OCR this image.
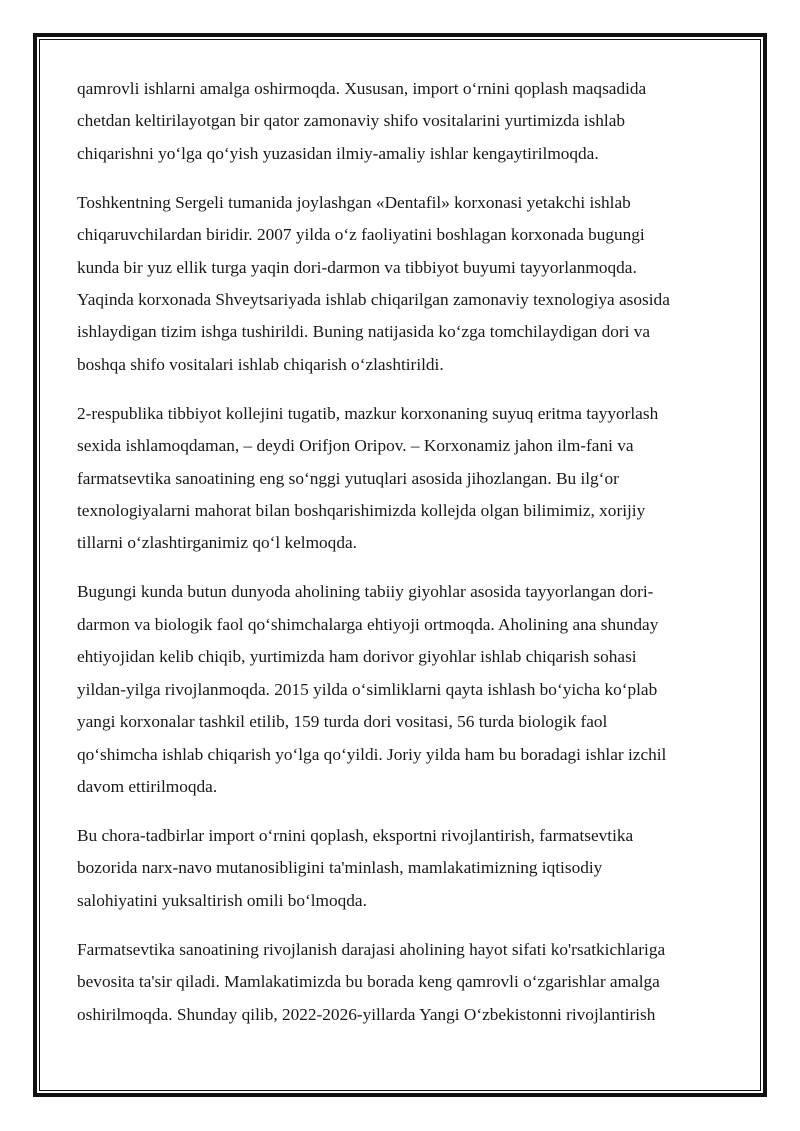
qamrovli ishlarni amalga oshirmoqda. Xususan, import o‘rnini qoplash maqsadida
chetdan keltirilayotgan bir qator zamonaviy shifo vositalarini yurtimizda ishlab
chiqarishni yo‘lga qo‘yish yuzasidan ilmiy-amaliy ishlar kengaytirilmoqda.

Toshkentning Sergeli tumanida joylashgan «Dentafil» korxonasi yetakchi ishlab
chiqaruvchilardan biridir. 2007 yilda o‘z faoliyatini boshlagan korxonada bugungi
kunda bir yuz ellik turga yaqin dori-darmon va tibbiyot buyumi tayyorlanmoqda.
Yaqinda korxonada Shveytsariyada ishlab chiqarilgan zamonaviy texnologiya asosida
ishlaydigan tizim ishga tushirildi. Buning natijasida ko‘zga tomchilaydigan dori va
boshqa shifo vositalari ishlab chiqarish o‘zlashtirildi.

2-respublika tibbiyot kollejini tugatib, mazkur korxonaning suyuq eritma tayyorlash
sexida ishlamoqdaman, – deydi Orifjon Oripov. – Korxonamiz jahon ilm-fani va
farmatsevtika sanoatining eng so‘nggi yutuqlari asosida jihozlangan. Bu ilg‘or
texnologiyalarni mahorat bilan boshqarishimizda kollejda olgan bilimimiz, xorijiy
tillarni o‘zlashtirganimiz qo‘l kelmoqda.

Bugungi kunda butun dunyoda aholining tabiiy giyohlar asosida tayyorlangan dori-
darmon va biologik faol qo‘shimchalarga ehtiyoji ortmoqda. Aholining ana shunday
ehtiyojidan kelib chiqib, yurtimizda ham dorivor giyohlar ishlab chiqarish sohasi
yildan-yilga rivojlanmoqda. 2015 yilda o‘simliklarni qayta ishlash bo‘yicha ko‘plab
yangi korxonalar tashkil etilib, 159 turda dori vositasi, 56 turda biologik faol
qo‘shimcha ishlab chiqarish yo‘lga qo‘yildi. Joriy yilda ham bu boradagi ishlar izchil
davom ettirilmoqda.

Bu chora-tadbirlar import o‘rnini qoplash, eksportni rivojlantirish, farmatsevtika
bozorida narx-navo mutanosibligini ta'minlash, mamlakatimizning iqtisodiy
salohiyatini yuksaltirish omili bo‘lmoqda.

Farmatsevtika sanoatining rivojlanish darajasi aholining hayot sifati ko'rsatkichlariga
bevosita ta'sir qiladi. Mamlakatimizda bu borada keng qamrovli o‘zgarishlar amalga
oshirilmoqda. Shunday qilib, 2022-2026-yillarda Yangi O‘zbekistonni rivojlantirish
